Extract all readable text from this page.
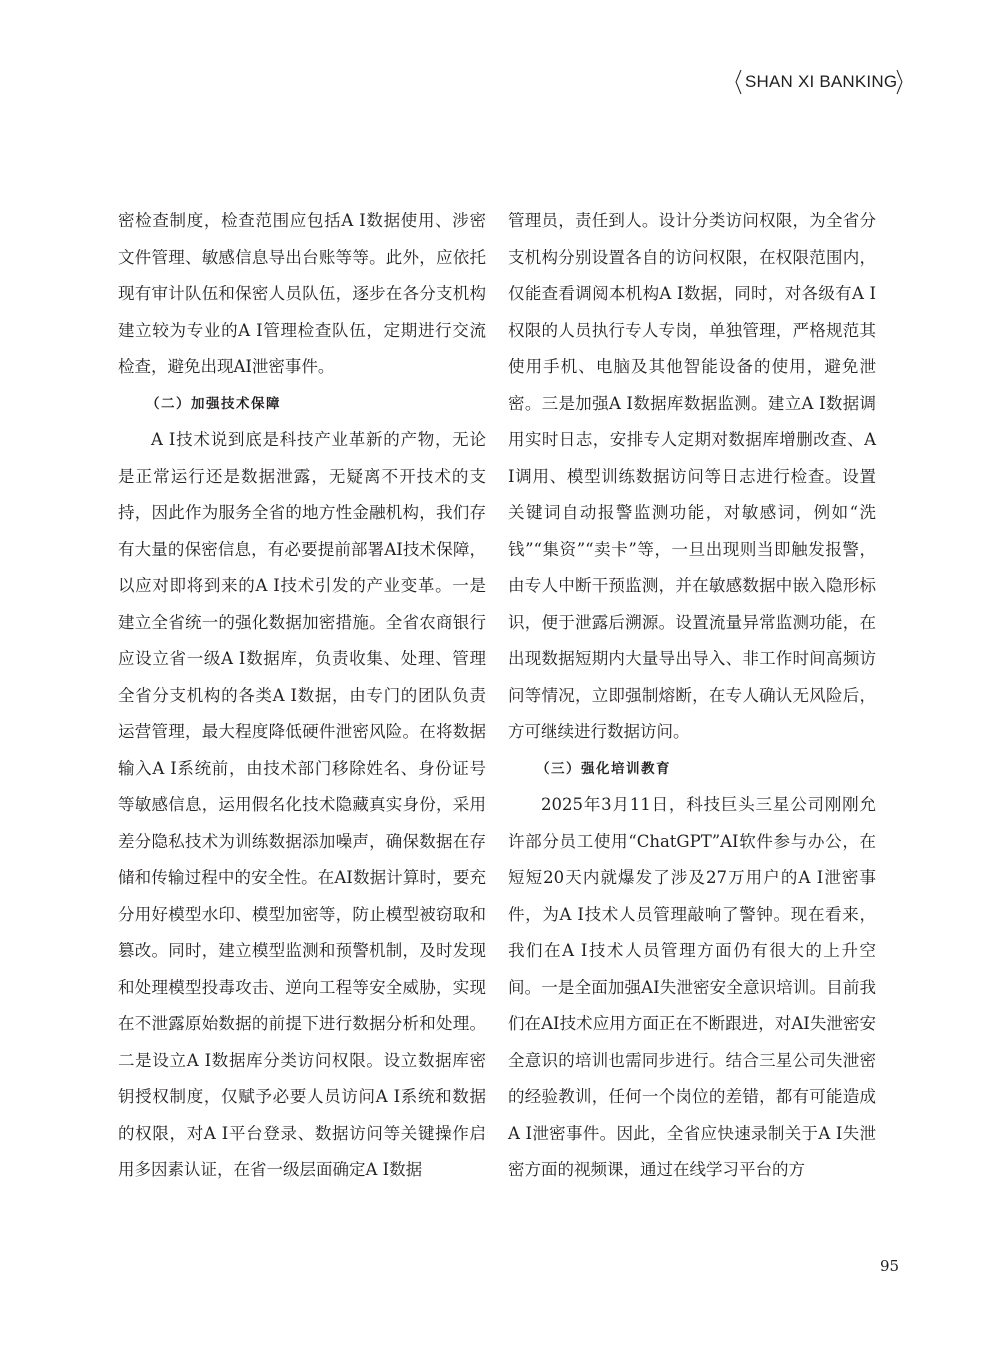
SHAN XI BANKING

密检查制度，检查范围应包括A I数据使用、涉密文件管理、敏感信息导出台账等等。此外，应依托现有审计队伍和保密人员队伍，逐步在各分支机构建立较为专业的A I管理检查队伍，定期进行交流检查，避免出现AI泄密事件。

（二）加强技术保障

A I技术说到底是科技产业革新的产物，无论是正常运行还是数据泄露，无疑离不开技术的支持，因此作为服务全省的地方性金融机构，我们存有大量的保密信息，有必要提前部署AI技术保障，以应对即将到来的A I技术引发的产业变革。一是建立全省统一的强化数据加密措施。全省农商银行应设立省一级A I数据库，负责收集、处理、管理全省分支机构的各类A I数据，由专门的团队负责运营管理，最大程度降低硬件泄密风险。在将数据输入A I系统前，由技术部门移除姓名、身份证号等敏感信息，运用假名化技术隐藏真实身份，采用差分隐私技术为训练数据添加噪声，确保数据在存储和传输过程中的安全性。在AI数据计算时，要充分用好模型水印、模型加密等，防止模型被窃取和篡改。同时，建立模型监测和预警机制，及时发现和处理模型投毒攻击、逆向工程等安全威胁，实现在不泄露原始数据的前提下进行数据分析和处理。二是设立A I数据库分类访问权限。设立数据库密钥授权制度，仅赋予必要人员访问A I系统和数据的权限，对A I平台登录、数据访问等关键操作启用多因素认证，在省一级层面确定A I数据

管理员，责任到人。设计分类访问权限，为全省分支机构分别设置各自的访问权限，在权限范围内，仅能查看调阅本机构A I数据，同时，对各级有A I权限的人员执行专人专岗，单独管理，严格规范其使用手机、电脑及其他智能设备的使用，避免泄密。三是加强A I数据库数据监测。建立A I数据调用实时日志，安排专人定期对数据库增删改查、A I调用、模型训练数据访问等日志进行检查。设置关键词自动报警监测功能，对敏感词，例如“洗钱”“集资”“卖卡”等，一旦出现则当即触发报警，由专人中断干预监测，并在敏感数据中嵌入隐形标识，便于泄露后溯源。设置流量异常监测功能，在出现数据短期内大量导出导入、非工作时间高频访问等情况，立即强制熔断，在专人确认无风险后，方可继续进行数据访问。

（三）强化培训教育

2025年3月11日，科技巨头三星公司刚刚允许部分员工使用“ChatGPT”AI软件参与办公，在短短20天内就爆发了涉及27万用户的A I泄密事件，为A I技术人员管理敲响了警钟。现在看来，我们在A I技术人员管理方面仍有很大的上升空间。一是全面加强AI失泄密安全意识培训。目前我们在AI技术应用方面正在不断跟进，对AI失泄密安全意识的培训也需同步进行。结合三星公司失泄密的经验教训，任何一个岗位的差错，都有可能造成A I泄密事件。因此，全省应快速录制关于A I失泄密方面的视频课，通过在线学习平台的方

95
